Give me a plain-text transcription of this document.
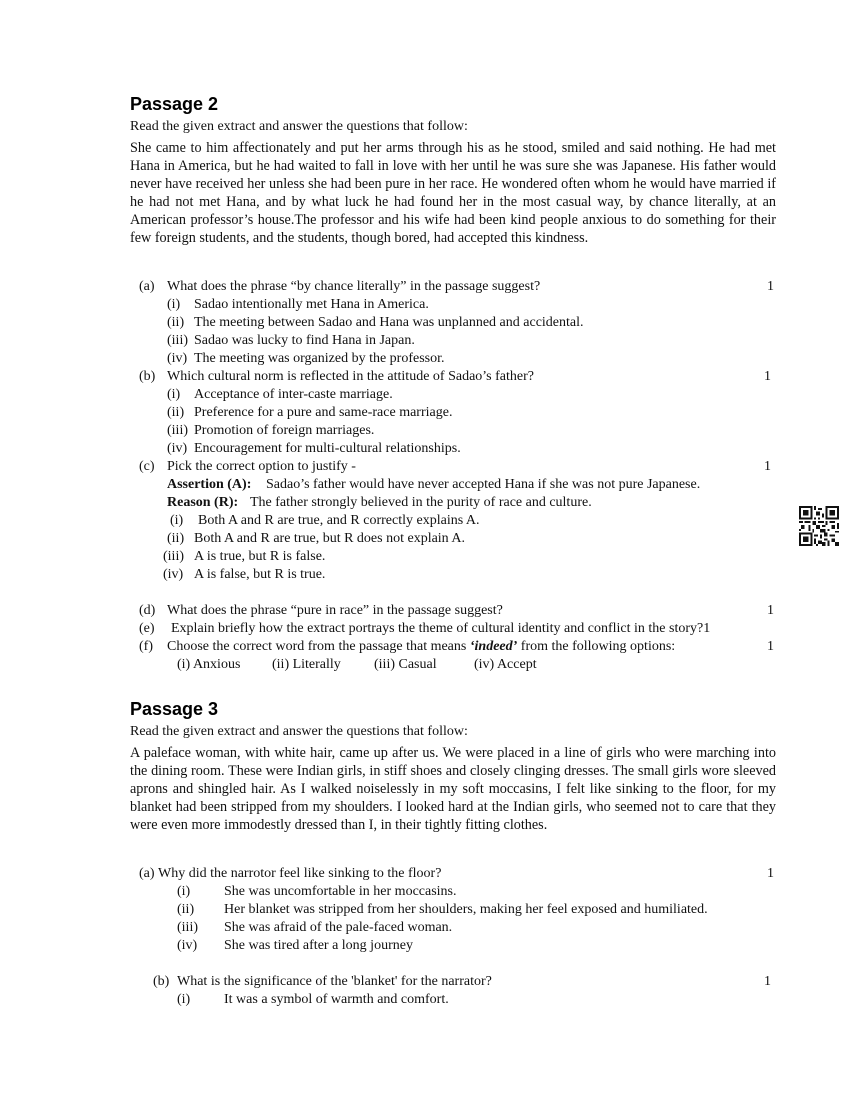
Passage 2
Read the given extract and answer the questions that follow:
She came to him affectionately and put her arms through his as he stood, smiled and said nothing. He had met Hana in America, but he had waited to fall in love with her until he was sure she was Japanese. His father would never have received her unless she had been pure in her race. He wondered often whom he would have married if he had not met Hana, and by what luck he had found her in the most casual way, by chance literally, at an American professor’s house.The professor and his wife had been kind people anxious to do something for their few foreign students, and the students, though bored, had accepted this kindness.
(a) What does the phrase “by chance literally” in the passage suggest?	1
(i) Sadao intentionally met Hana in America.
(ii) The meeting between Sadao and Hana was unplanned and accidental.
(iii) Sadao was lucky to find Hana in Japan.
(iv) The meeting was organized by the professor.
(b) Which cultural norm is reflected in the attitude of Sadao’s father?	1
(i) Acceptance of inter-caste marriage.
(ii) Preference for a pure and same-race marriage.
(iii) Promotion of foreign marriages.
(iv) Encouragement for multi-cultural relationships.
(c) Pick the correct option to justify -	1
Assertion (A): Sadao’s father would have never accepted Hana if she was not pure Japanese.
Reason (R): The father strongly believed in the purity of race and culture.
(i) Both A and R are true, and R correctly explains A.
(ii) Both A and R are true, but R does not explain A.
(iii) A is true, but R is false.
(iv) A is false, but R is true.
(d) What does the phrase “pure in race” in the passage suggest?	1
(e) Explain briefly how the extract portrays the theme of cultural identity and conflict in the story?1
(f) Choose the correct word from the passage that means ‘indeed’ from the following options:	1
(i) Anxious (ii) Literally (iii) Casual	(iv) Accept
Passage 3
Read the given extract and answer the questions that follow:
A paleface woman, with white hair, came up after us. We were placed in a line of girls who were marching into the dining room. These were Indian girls, in stiff shoes and closely clinging dresses. The small girls wore sleeved aprons and shingled hair. As I walked noiselessly in my soft moccasins, I felt like sinking to the floor, for my blanket had been stripped from my shoulders. I looked hard at the Indian girls, who seemed not to care that they were even more immodestly dressed than I, in their tightly fitting clothes.
(a) Why did the narrotor feel like sinking to the floor?	1
(i) She was uncomfortable in her moccasins.
(ii) Her blanket was stripped from her shoulders, making her feel exposed and humiliated.
(iii) She was afraid of the pale-faced woman.
(iv) She was tired after a long journey
(b) What is the significance of the 'blanket' for the narrator?	1
(i) It was a symbol of warmth and comfort.
